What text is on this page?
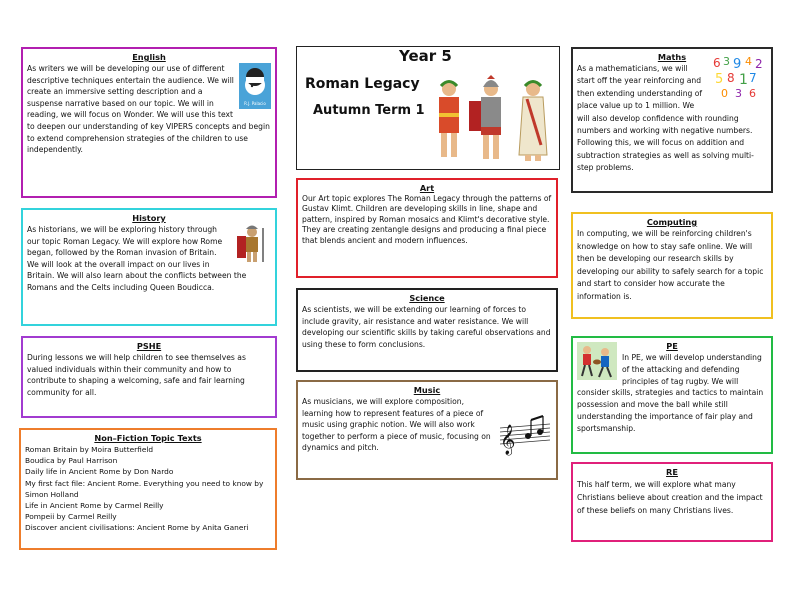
English
R.J. Palacio

As writers we will be developing our use of different descriptive techniques entertain the audience. We will create an immersive setting description and a suspense narrative based on our topic. We will in reading, we will focus on Wonder. We will use this text to deepen our understanding of key VIPERS concepts and begin to extend comprehension strategies of the children to use independently.

History

As historians, we will be exploring history through our topic Roman Legacy. We will explore how Rome began, followed by the Roman invasion of Britain. We will look at the overall impact on our lives in Britain. We will also learn about the conflicts between the Romans and the Celts including Queen Boudicca.

PSHE

During lessons we will help children to see themselves as valued individuals within their community and how to contribute to shaping a welcoming, safe and fair learning community for all.

Non–Fiction Topic Texts

Roman Britain by Moira Butterfield

Boudica by Paul Harrison

Daily life in Ancient Rome by Don Nardo

My first fact file: Ancient Rome. Everything you need to know by Simon Holland

Life in Ancient Rome by Carmel Reilly

Pompeii by Carmel Reilly

Discover ancient civilisations: Ancient Rome by Anita Ganeri

Year 5
Roman Legacy
Autumn Term 1
Art

Our Art topic explores The Roman Legacy through the patterns of Gustav Klimt. Children are developing skills in line, shape and pattern, inspired by Roman mosaics and Klimt's decorative style. They are creating zentangle designs and producing a final piece that blends ancient and modern influences.

Science

As scientists, we will be extending our learning of forces to include gravity, air resistance and water resistance. We will developing our scientific skills by taking careful observations and using these to form conclusions.

Music
𝄞

As musicians, we will explore composition, learning how to represent features of a piece of music using graphic notion. We will also work together to perform a piece of music, focusing on dynamics and pitch.

Maths	6 3 9 4 2
5 8 1 7
0 3 6

As a mathematicians, we will start off the year reinforcing and then extending understanding of place value up to 1 million. We will also develop confidence with rounding numbers and working with negative numbers. Following this, we will focus on addition and subtraction strategies as well as solving multi-step problems.

Computing

In computing, we will be reinforcing children's knowledge on how to stay safe online. We will then be developing our research skills by developing our ability to safely search for a topic and start to consider how accurate the information is.

PE

In PE, we will develop understanding of the attacking and defending principles of tag rugby. We will consider skills, strategies and tactics to maintain possession and move the ball while still understanding the importance of fair play and sportsmanship.

RE

This half term, we will explore what many Christians believe about creation and the impact of these beliefs on many Christians lives.
